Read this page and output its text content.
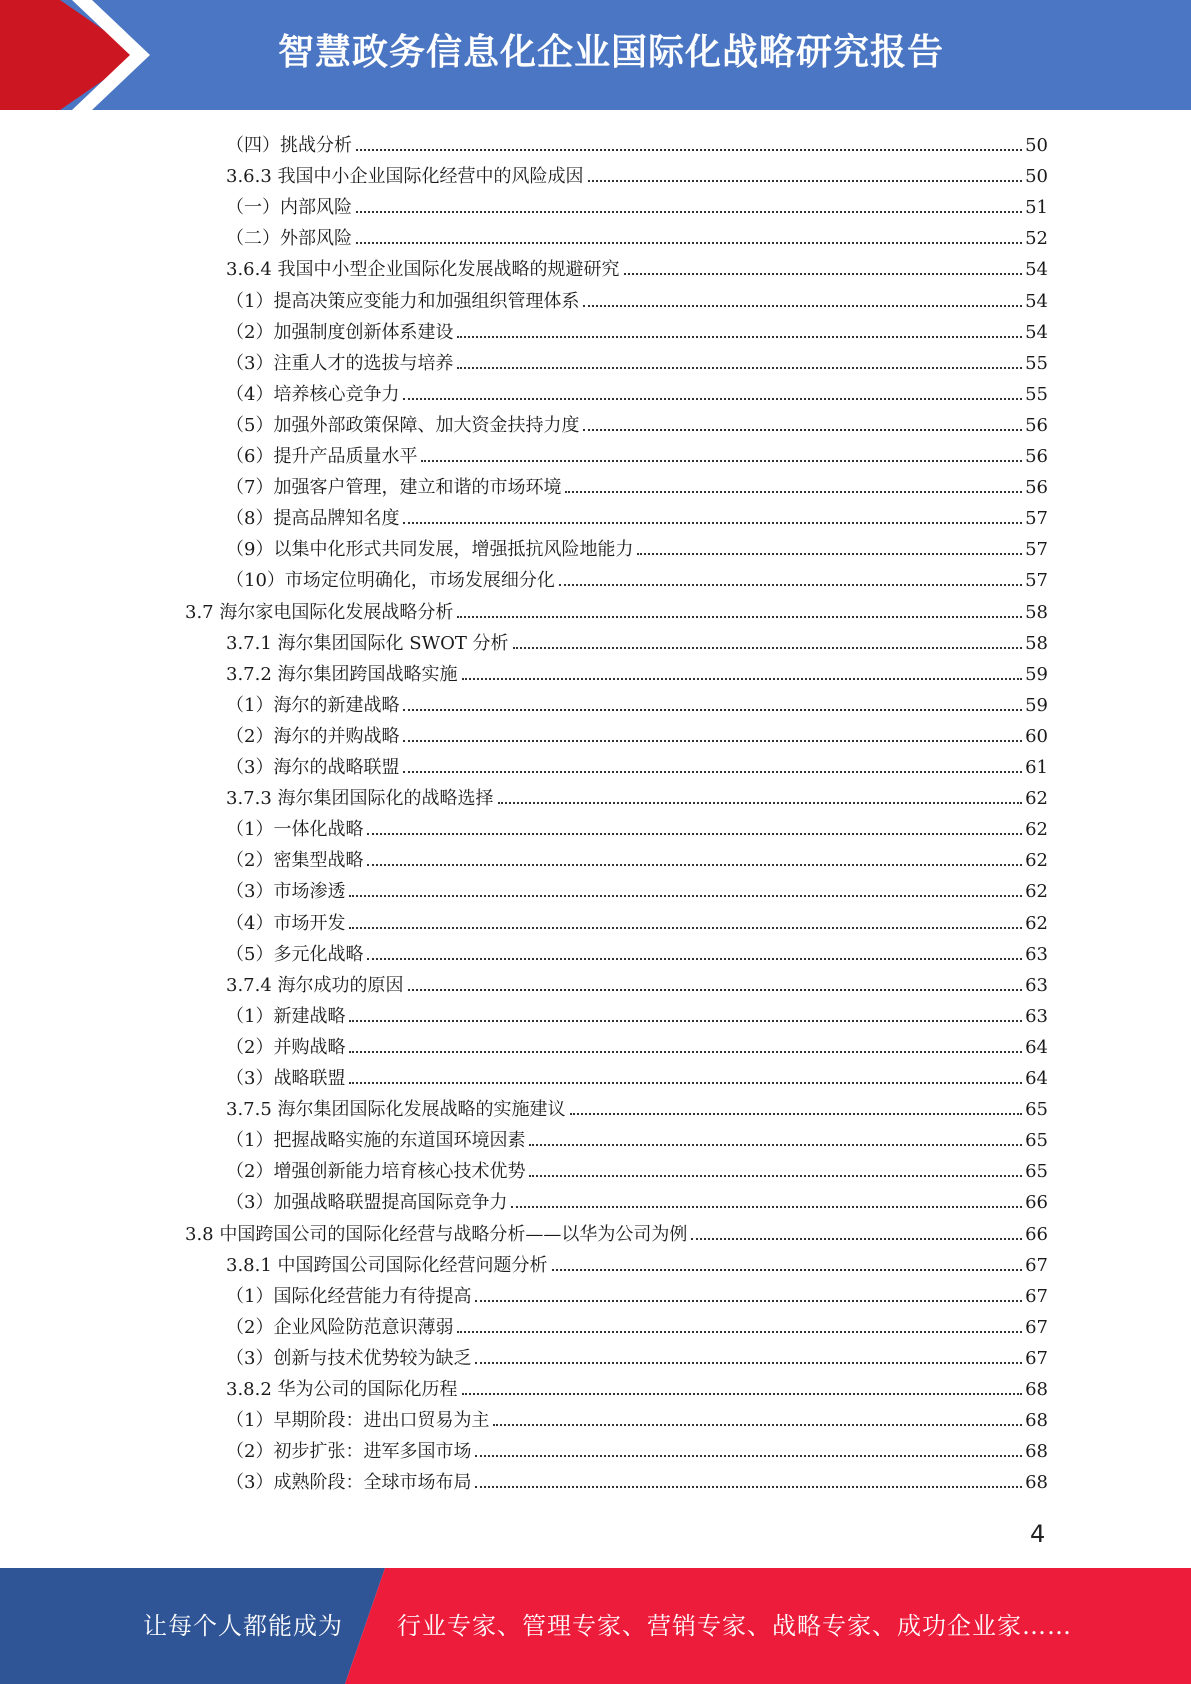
智慧政务信息化企业国际化战略研究报告
（四）挑战分析	50
3.6.3 我国中小企业国际化经营中的风险成因	50
（一）内部风险	51
（二）外部风险	52
3.6.4 我国中小型企业国际化发展战略的规避研究	54
（1）提高决策应变能力和加强组织管理体系	54
（2）加强制度创新体系建设	54
（3）注重人才的选拔与培养	55
（4）培养核心竞争力	55
（5）加强外部政策保障、加大资金扶持力度	56
（6）提升产品质量水平	56
（7）加强客户管理，建立和谐的市场环境	56
（8）提高品牌知名度	57
（9）以集中化形式共同发展，增强抵抗风险地能力	57
（10）市场定位明确化，市场发展细分化	57
3.7 海尔家电国际化发展战略分析	58
3.7.1 海尔集团国际化 SWOT 分析	58
3.7.2 海尔集团跨国战略实施	59
（1）海尔的新建战略	59
（2）海尔的并购战略	60
（3）海尔的战略联盟	61
3.7.3 海尔集团国际化的战略选择	62
（1）一体化战略	62
（2）密集型战略	62
（3）市场渗透	62
（4）市场开发	62
（5）多元化战略	63
3.7.4 海尔成功的原因	63
（1）新建战略	63
（2）并购战略	64
（3）战略联盟	64
3.7.5 海尔集团国际化发展战略的实施建议	65
（1）把握战略实施的东道国环境因素	65
（2）增强创新能力培育核心技术优势	65
（3）加强战略联盟提高国际竞争力	66
3.8 中国跨国公司的国际化经营与战略分析——以华为公司为例	66
3.8.1 中国跨国公司国际化经营问题分析	67
（1）国际化经营能力有待提高	67
（2）企业风险防范意识薄弱	67
（3）创新与技术优势较为缺乏	67
3.8.2 华为公司的国际化历程	68
（1）早期阶段：进出口贸易为主	68
（2）初步扩张：进军多国市场	68
（3）成熟阶段：全球市场布局	68
4
让每个人都能成为 行业专家、管理专家、营销专家、战略专家、成功企业家……
